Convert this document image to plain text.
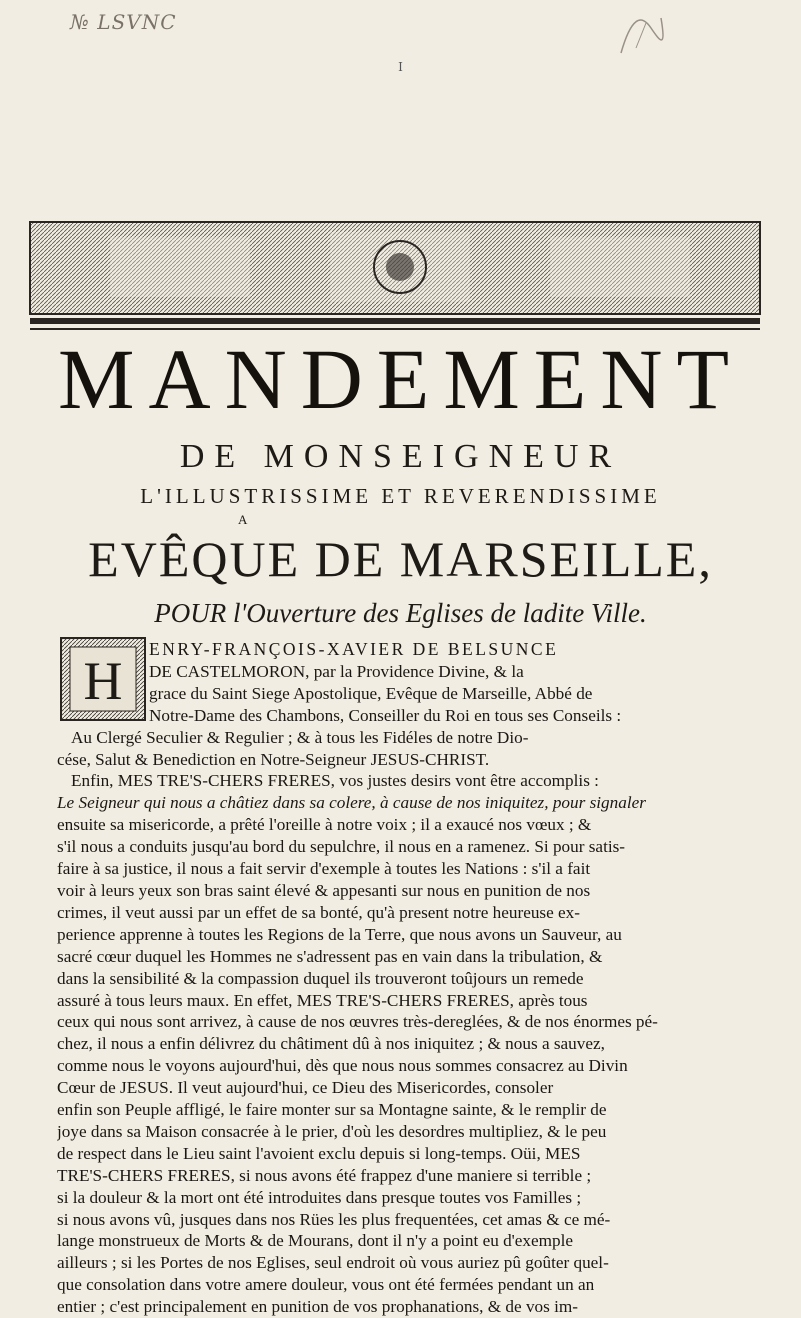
№ LSVNC
I
MANDEMENT
DE MONSEIGNEUR
L'ILLUSTRISSIME ET REVERENDISSIME
A
EVÊQUE DE MARSEILLE,
POUR l'Ouverture des Eglises de ladite Ville.
H
ENRY-FRANÇOIS-XAVIER DE BELSUNCE
DE CASTELMORON, par la Providence Divine, & la
grace du Saint Siege Apostolique, Evêque de Marseille, Abbé de
Notre-Dame des Chambons, Conseiller du Roi en tous ses Conseils :
Au Clergé Seculier & Regulier ; & à tous les Fidéles de notre Dio-
cése, Salut & Benediction en Notre-Seigneur JESUS-CHRIST.
Enfin, MES TRE'S-CHERS FRERES, vos justes desirs vont être accomplis :
Le Seigneur qui nous a châtiez dans sa colere, à cause de nos iniquitez, pour signaler
ensuite sa misericorde, a prêté l'oreille à notre voix ; il a exaucé nos vœux ; &
s'il nous a conduits jusqu'au bord du sepulchre, il nous en a ramenez. Si pour satis-
faire à sa justice, il nous a fait servir d'exemple à toutes les Nations : s'il a fait
voir à leurs yeux son bras saint élevé & appesanti sur nous en punition de nos
crimes, il veut aussi par un effet de sa bonté, qu'à present notre heureuse ex-
perience apprenne à toutes les Regions de la Terre, que nous avons un Sauveur, au
sacré cœur duquel les Hommes ne s'adressent pas en vain dans la tribulation, &
dans la sensibilité & la compassion duquel ils trouveront toûjours un remede
assuré à tous leurs maux. En effet, MES TRE'S-CHERS FRERES, après tous
ceux qui nous sont arrivez, à cause de nos œuvres très-dereglées, & de nos énormes pé-
chez, il nous a enfin délivrez du châtiment dû à nos iniquitez ; & nous a sauvez,
comme nous le voyons aujourd'hui, dès que nous nous sommes consacrez au Divin
Cœur de JESUS. Il veut aujourd'hui, ce Dieu des Misericordes, consoler
enfin son Peuple affligé, le faire monter sur sa Montagne sainte, & le remplir de
joye dans sa Maison consacrée à le prier, d'où les desordres multipliez, & le peu
de respect dans le Lieu saint l'avoient exclu depuis si long-temps. Oüi, MES
TRE'S-CHERS FRERES, si nous avons été frappez d'une maniere si terrible ;
si la douleur & la mort ont été introduites dans presque toutes vos Familles ;
si nous avons vû, jusques dans nos Rües les plus frequentées, cet amas & ce mé-
lange monstrueux de Morts & de Mourans, dont il n'y a point eu d'exemple
ailleurs ; si les Portes de nos Eglises, seul endroit où vous auriez pû goûter quel-
que consolation dans votre amere douleur, vous ont été fermées pendant un an
entier ; c'est principalement en punition de vos prophanations, & de vos im-
